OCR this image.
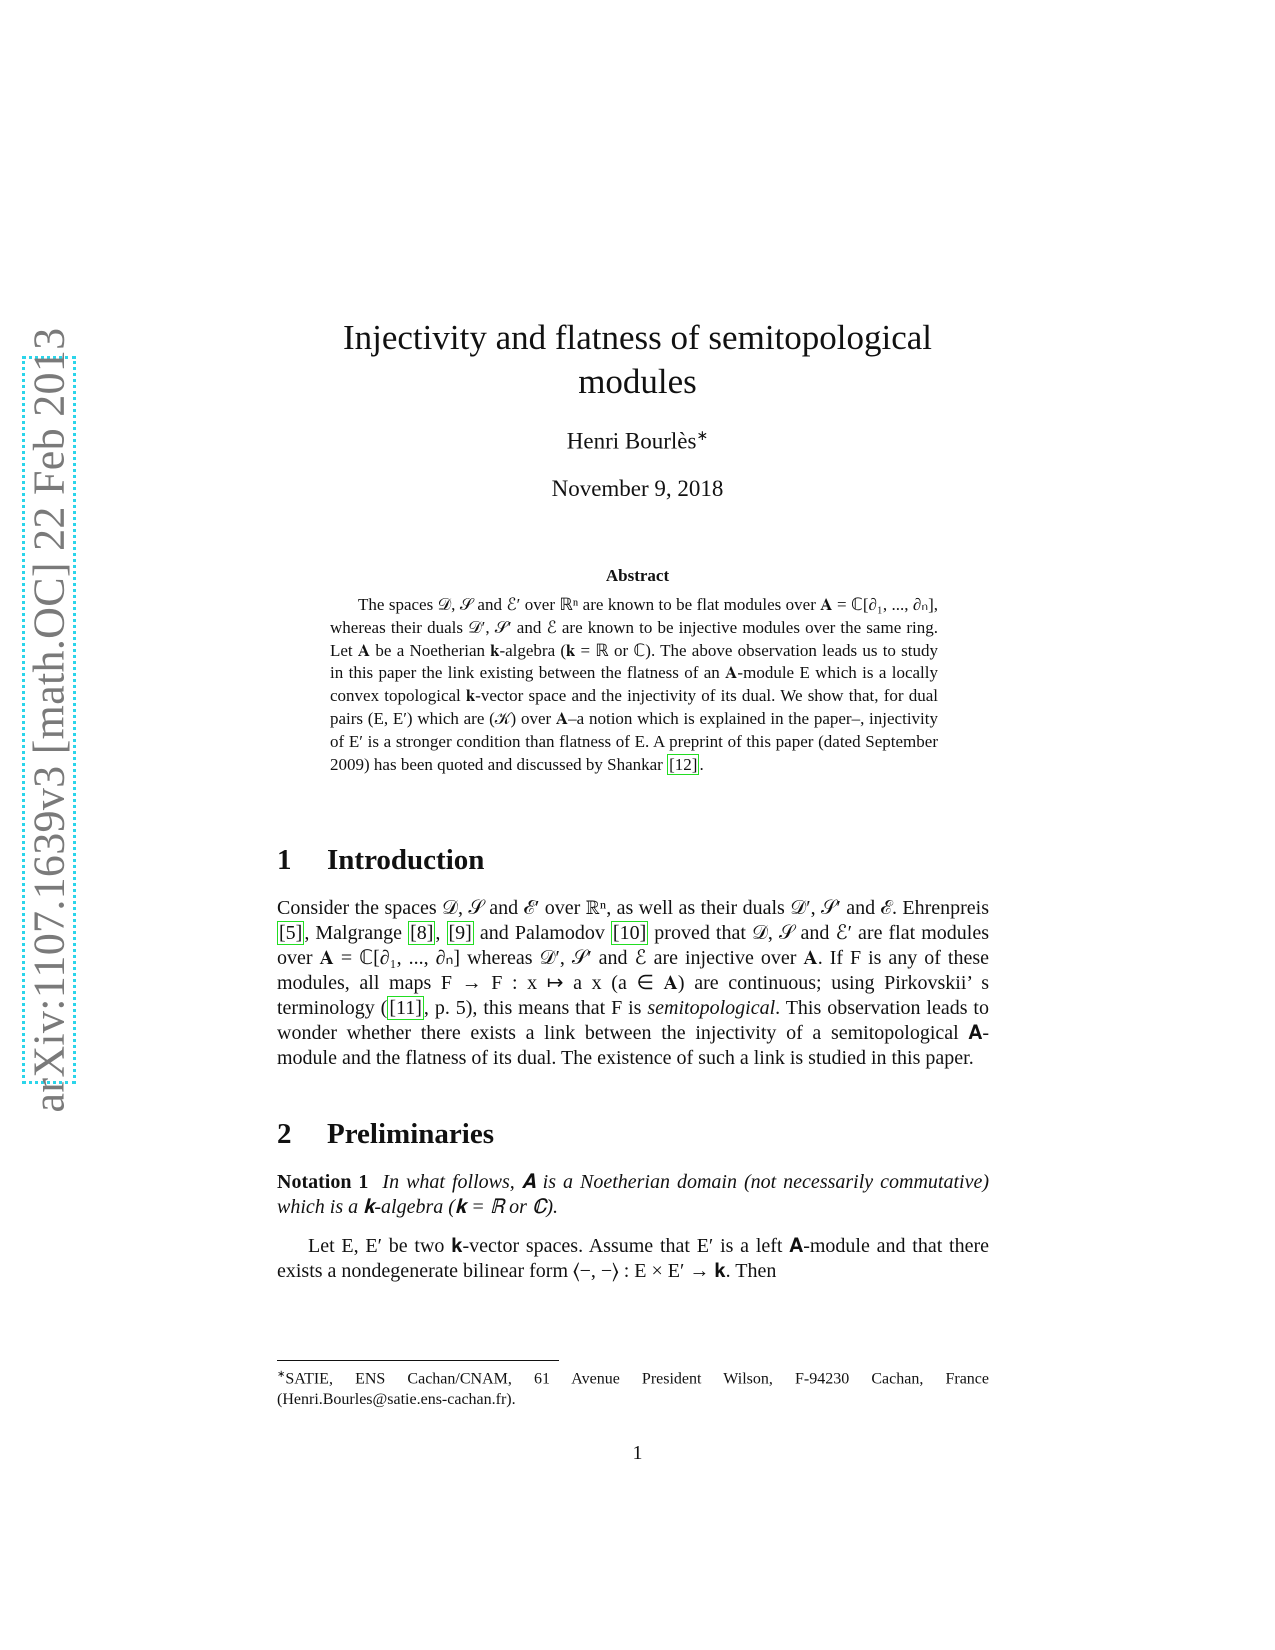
arXiv:1107.1639v3 [math.OC] 22 Feb 2013	Injectivity and flatness of semitopological
modules
Henri Bourlès∗
November 9, 2018
Abstract
The spaces 𝒟, 𝒮 and ℰ′ over ℝⁿ are known to be flat modules over 𝐀 = ℂ[∂₁, ..., ∂ₙ], whereas their duals 𝒟′, 𝒮′ and ℰ are known to be injective modules over the same ring. Let 𝐀 be a Noetherian 𝐤-algebra (𝐤 = ℝ or ℂ). The above observation leads us to study in this paper the link existing between the flatness of an 𝐀-module E which is a locally convex topological 𝐤-vector space and the injectivity of its dual. We show that, for dual pairs (E, E′) which are (𝒦) over 𝐀–a notion which is explained in the paper–, injectivity of E′ is a stronger condition than flatness of E. A preprint of this paper (dated September 2009) has been quoted and discussed by Shankar [12] .
1 Introduction
Consider the spaces 𝒟, 𝒮 and ℰ′ over ℝⁿ, as well as their duals 𝒟′, 𝒮′ and ℰ. Ehrenpreis [5] , Malgrange [8] , [9] and Palamodov [10] proved that 𝒟, 𝒮 and ℰ′ are flat modules over 𝐀 = ℂ[∂₁, ..., ∂ₙ] whereas 𝒟′, 𝒮′ and ℰ are injective over 𝐀. If F is any of these modules, all maps F → F : x ↦ a x (a ∈ 𝐀) are continuous; using Pirkovskii’ s terminology ( [11] , p. 5), this means that F is semitopological. This observation leads to wonder whether there exists a link between the injectivity of a semitopological 𝐀-module and the flatness of its dual. The existence of such a link is studied in this paper.
2 Preliminaries
Notation 1 In what follows, 𝐀 is a Noetherian domain (not necessarily commutative) which is a 𝐤-algebra (𝐤 = ℝ or ℂ).
Let E, E′ be two 𝐤-vector spaces. Assume that E′ is a left 𝐀-module and that there exists a nondegenerate bilinear form ⟨−, −⟩ : E × E′ → 𝐤. Then
∗SATIE, ENS Cachan/CNAM, 61 Avenue President Wilson, F-94230 Cachan, France (Henri.Bourles@satie.ens-cachan.fr).
1
